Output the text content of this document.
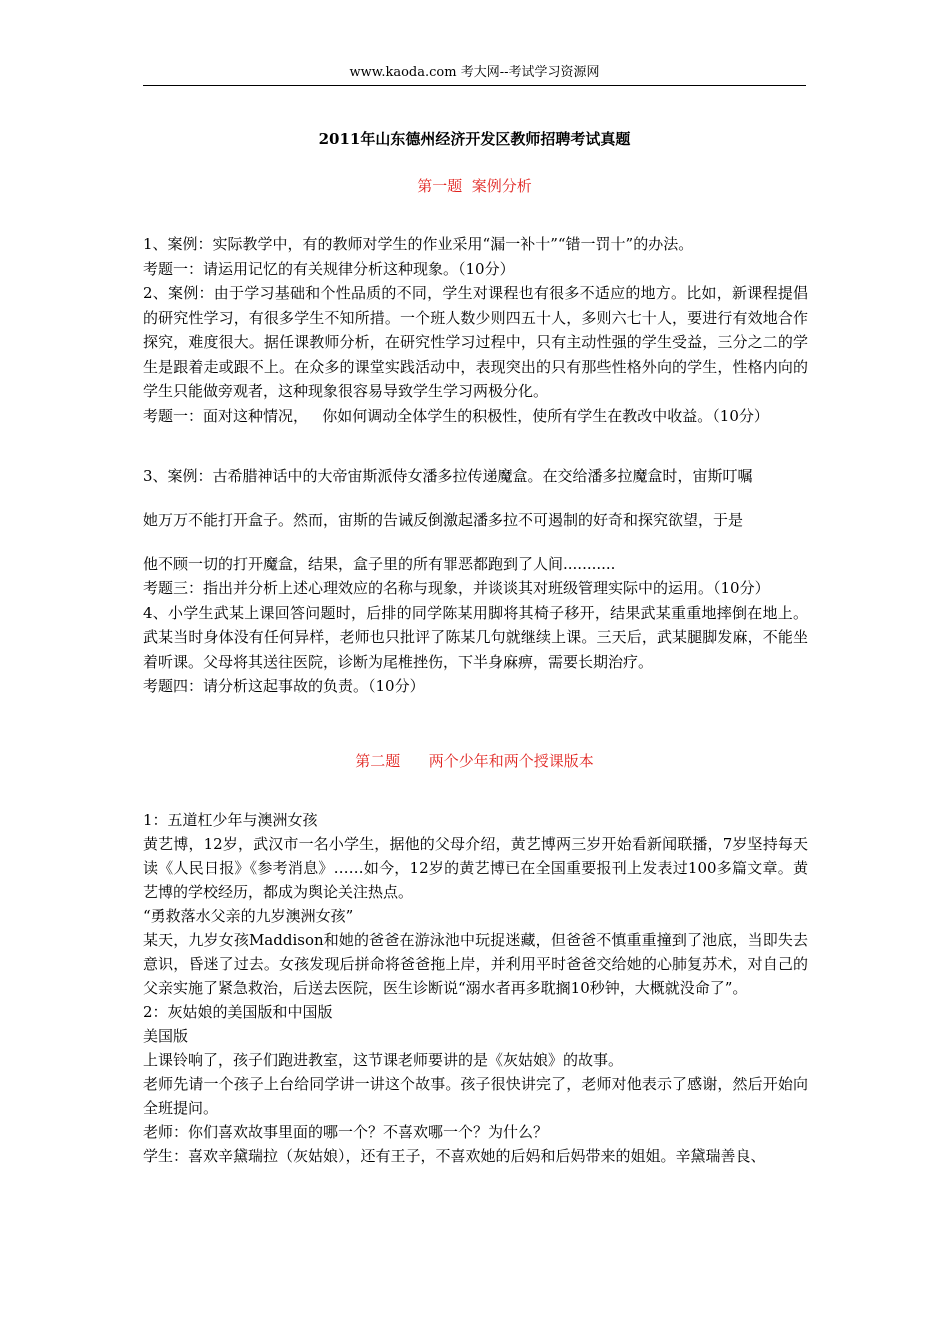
www.kaoda.com 考大网--考试学习资源网
2011年山东德州经济开发区教师招聘考试真题
第一题  案例分析

1、案例：实际教学中，有的教师对学生的作业采用“漏一补十”“错一罚十”的办法。

考题一：请运用记忆的有关规律分析这种现象。（10分）

2、案例：由于学习基础和个性品质的不同，学生对课程也有很多不适应的地方。比如，新课程提倡的研究性学习，有很多学生不知所措。一个班人数少则四五十人，多则六七十人，要进行有效地合作探究，难度很大。据任课教师分析，在研究性学习过程中，只有主动性强的学生受益，三分之二的学生是跟着走或跟不上。在众多的课堂实践活动中，表现突出的只有那些性格外向的学生，性格内向的学生只能做旁观者，这种现象很容易导致学生学习两极分化。

考题一：面对这种情况，   你如何调动全体学生的积极性，使所有学生在教改中收益。（10分）

3、案例：古希腊神话中的大帝宙斯派侍女潘多拉传递魔盒。在交给潘多拉魔盒时，宙斯叮嘱

她万万不能打开盒子。然而，宙斯的告诫反倒激起潘多拉不可遏制的好奇和探究欲望，于是

他不顾一切的打开魔盒，结果，盒子里的所有罪恶都跑到了人间...........

考题三：指出并分析上述心理效应的名称与现象，并谈谈其对班级管理实际中的运用。（10分）

4、小学生武某上课回答问题时，后排的同学陈某用脚将其椅子移开，结果武某重重地摔倒在地上。武某当时身体没有任何异样，老师也只批评了陈某几句就继续上课。三天后，武某腿脚发麻，不能坐着听课。父母将其送往医院，诊断为尾椎挫伤，下半身麻痹，需要长期治疗。

考题四：请分析这起事故的负责。（10分）

第二题      两个少年和两个授课版本

1：五道杠少年与澳洲女孩

黄艺博，12岁，武汉市一名小学生，据他的父母介绍，黄艺博两三岁开始看新闻联播，7岁坚持每天读《人民日报》《参考消息》……如今，12岁的黄艺博已在全国重要报刊上发表过100多篇文章。黄艺博的学校经历，都成为舆论关注热点。

“勇救落水父亲的九岁澳洲女孩”

某天，九岁女孩Maddison和她的爸爸在游泳池中玩捉迷藏，但爸爸不慎重重撞到了池底，当即失去意识，昏迷了过去。女孩发现后拼命将爸爸拖上岸，并利用平时爸爸交给她的心肺复苏术，对自己的父亲实施了紧急救治，后送去医院，医生诊断说“溺水者再多耽搁10秒钟，大概就没命了”。

2：灰姑娘的美国版和中国版

美国版

上课铃响了，孩子们跑进教室，这节课老师要讲的是《灰姑娘》的故事。

老师先请一个孩子上台给同学讲一讲这个故事。孩子很快讲完了，老师对他表示了感谢，然后开始向全班提问。

老师：你们喜欢故事里面的哪一个？不喜欢哪一个？为什么？

学生：喜欢辛黛瑞拉（灰姑娘），还有王子，不喜欢她的后妈和后妈带来的姐姐。辛黛瑞善良、
